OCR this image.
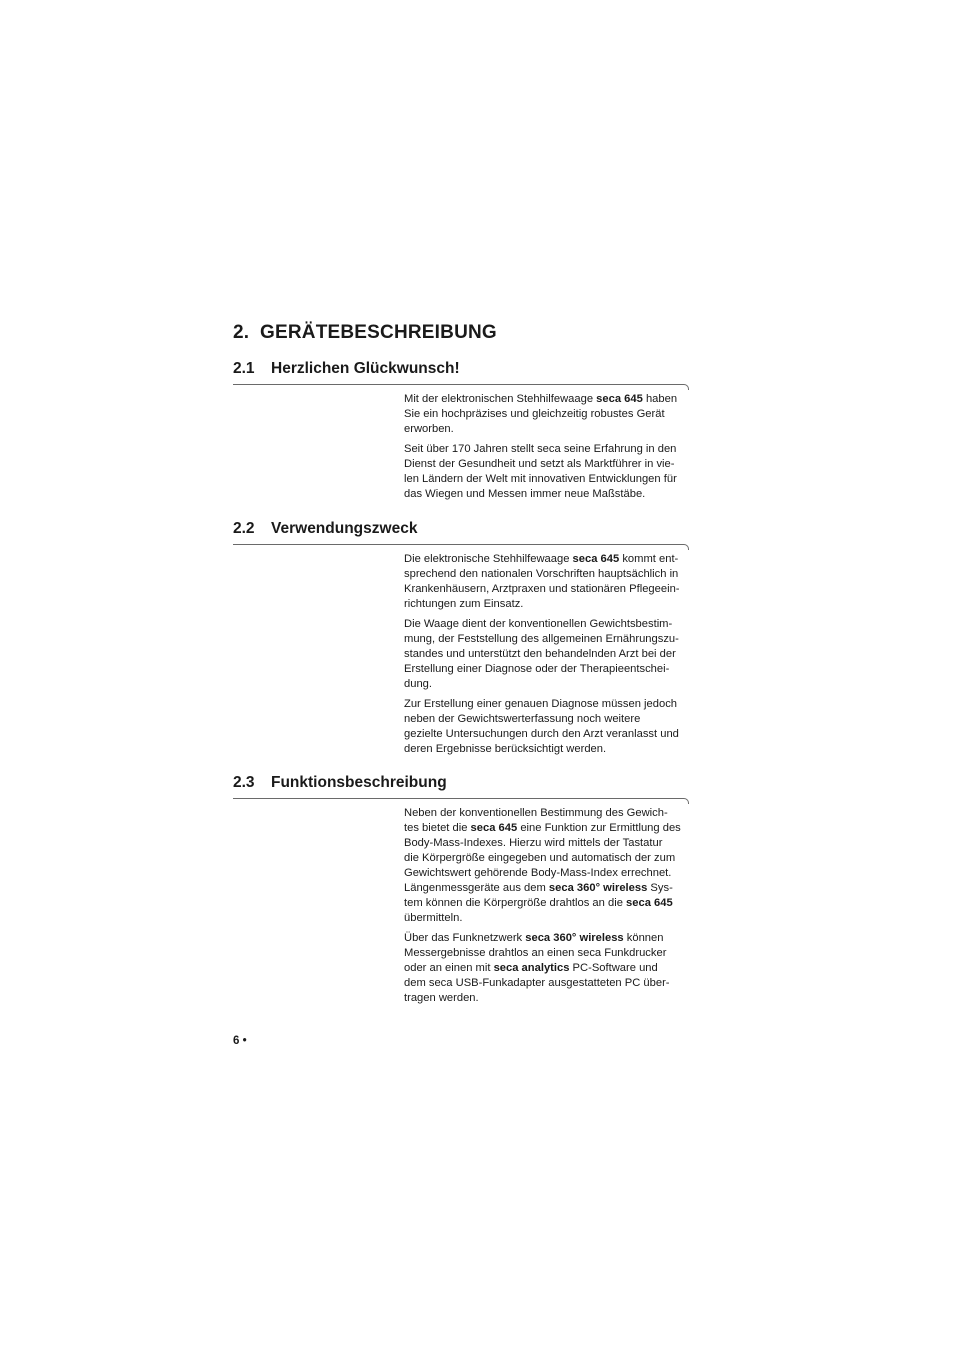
2. GERÄTEBESCHREIBUNG
2.1 Herzlichen Glückwunsch!

Mit der elektronischen Stehhilfewaage seca 645 haben
Sie ein hochpräzises und gleichzeitig robustes Gerät
erworben.

Seit über 170 Jahren stellt seca seine Erfahrung in den
Dienst der Gesundheit und setzt als Marktführer in vie-
len Ländern der Welt mit innovativen Entwicklungen für
das Wiegen und Messen immer neue Maßstäbe.

2.2 Verwendungszweck

Die elektronische Stehhilfewaage seca 645 kommt ent-
sprechend den nationalen Vorschriften hauptsächlich in
Krankenhäusern, Arztpraxen und stationären Pflegeein-
richtungen zum Einsatz.

Die Waage dient der konventionellen Gewichtsbestim-
mung, der Feststellung des allgemeinen Ernährungszu-
standes und unterstützt den behandelnden Arzt bei der
Erstellung einer Diagnose oder der Therapieentschei-
dung.

Zur Erstellung einer genauen Diagnose müssen jedoch
neben der Gewichtswerterfassung noch weitere
gezielte Untersuchungen durch den Arzt veranlasst und
deren Ergebnisse berücksichtigt werden.

2.3 Funktionsbeschreibung

Neben der konventionellen Bestimmung des Gewich-
tes bietet die seca 645 eine Funktion zur Ermittlung des
Body-Mass-Indexes. Hierzu wird mittels der Tastatur
die Körpergröße eingegeben und automatisch der zum
Gewichtswert gehörende Body-Mass-Index errechnet.
Längenmessgeräte aus dem seca 360° wireless Sys-
tem können die Körpergröße drahtlos an die seca 645
übermitteln.

Über das Funknetzwerk seca 360° wireless können
Messergebnisse drahtlos an einen seca Funkdrucker
oder an einen mit seca analytics PC-Software und
dem seca USB-Funkadapter ausgestatteten PC über-
tragen werden.

6 •
